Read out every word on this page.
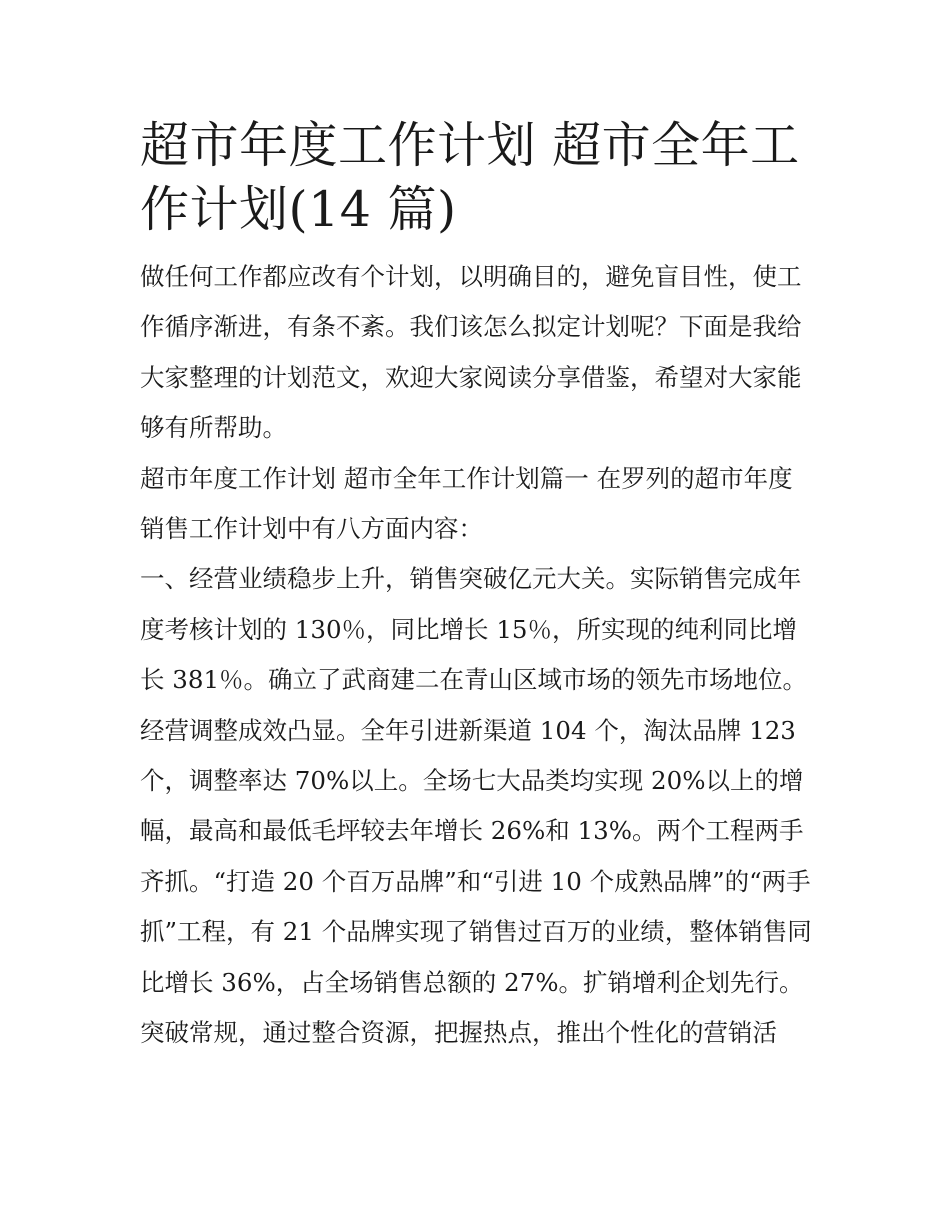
超市年度工作计划 超市全年工作计划(14 篇)

做任何工作都应改有个计划，以明确目的，避免盲目性，使工作循序渐进，有条不紊。我们该怎么拟定计划呢？下面是我给大家整理的计划范文，欢迎大家阅读分享借鉴，希望对大家能够有所帮助。

超市年度工作计划 超市全年工作计划篇一 在罗列的超市年度销售工作计划中有八方面内容：

一、经营业绩稳步上升，销售突破亿元大关。实际销售完成年度考核计划的 130％，同比增长 15％，所实现的纯利同比增长 381％。确立了武商建二在青山区域市场的领先市场地位。经营调整成效凸显。全年引进新渠道 104 个，淘汰品牌 123 个，调整率达 70%以上。全场七大品类均实现 20%以上的增幅，最高和最低毛坪较去年增长 26%和 13%。两个工程两手齐抓。“打造 20 个百万品牌”和“引进 10 个成熟品牌”的“两手抓”工程，有 21 个品牌实现了销售过百万的业绩，整体销售同比增长 36%，占全场销售总额的 27%。扩销增利企划先行。突破常规，通过整合资源，把握热点，推出个性化的营销活
